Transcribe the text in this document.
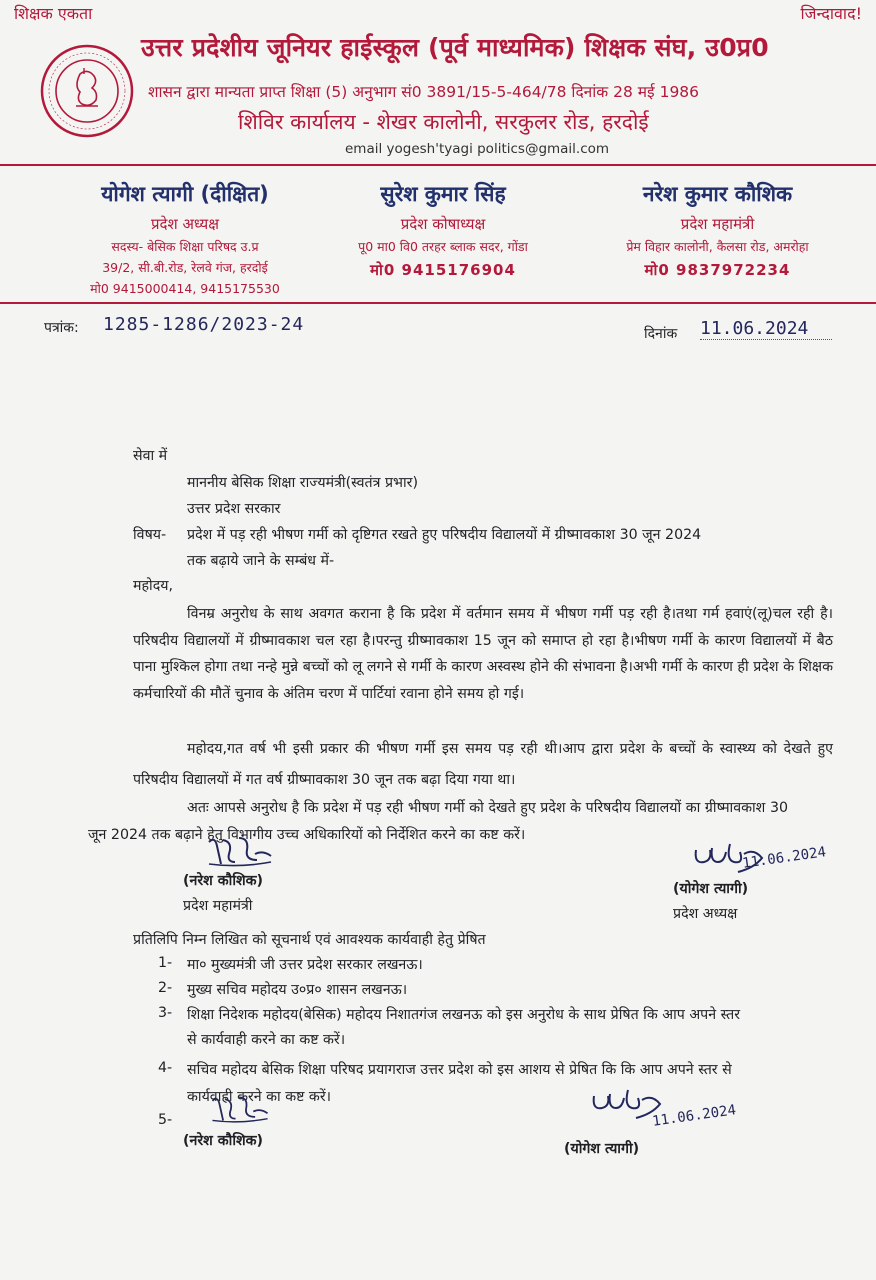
शिक्षक एकता	जिन्दावाद!
उत्तर प्रदेशीय जूनियर हाईस्कूल (पूर्व माध्यमिक) शिक्षक संघ, उ0प्र0
शासन द्वारा मान्यता प्राप्त शिक्षा (5) अनुभाग सं0 3891/15-5-464/78 दिनांक 28 मई 1986
शिविर कार्यालय - शेखर कालोनी, सरकुलर रोड, हरदोई
email yogesh'tyagi politics@gmail.com
योगेश त्यागी (दीक्षित)
प्रदेश अध्यक्ष
सदस्य- बेसिक शिक्षा परिषद उ.प्र
39/2, सी.बी.रोड, रेलवे गंज, हरदोई
मो0 9415000414, 9415175530
सुरेश कुमार सिंह
प्रदेश कोषाध्यक्ष
पू0 मा0 वि0 तरहर ब्लाक सदर, गोंडा
मो0 9415176904
नरेश कुमार कौशिक
प्रदेश महामंत्री
प्रेम विहार कालोनी, कैलसा रोड, अमरोहा
मो0 9837972234
पत्रांक: 1285-1286/2023-24	दिनांक 11.06.2024
सेवा में
माननीय बेसिक शिक्षा राज्यमंत्री(स्वतंत्र प्रभार)
उत्तर प्रदेश सरकार
विषय- प्रदेश में पड़ रही भीषण गर्मी को दृष्टिगत रखते हुए परिषदीय विद्यालयों में ग्रीष्मावकाश 30 जून 2024
तक बढ़ाये जाने के सम्बंध में-
महोदय,
विनम्र अनुरोध के साथ अवगत कराना है कि प्रदेश में वर्तमान समय में भीषण गर्मी पड़ रही है।तथा गर्म हवाएं(लू)चल रही है। परिषदीय विद्यालयों में ग्रीष्मावकाश चल रहा है।परन्तु ग्रीष्मावकाश 15 जून को समाप्त हो रहा है।भीषण गर्मी के कारण विद्यालयों में बैठ पाना मुश्किल होगा तथा नन्हे मुन्ने बच्चों को लू लगने से गर्मी के कारण अस्वस्थ होने की संभावना है।अभी गर्मी के कारण ही प्रदेश के शिक्षक कर्मचारियों की मौतें चुनाव के अंतिम चरण में पार्टियां रवाना होने समय हो गई।
महोदय,गत वर्ष भी इसी प्रकार की भीषण गर्मी इस समय पड़ रही थी।आप द्वारा प्रदेश के बच्चों के स्वास्थ्य को देखते हुए परिषदीय विद्यालयों में गत वर्ष ग्रीष्मावकाश 30 जून तक बढ़ा दिया गया था।
अतः आपसे अनुरोध है कि प्रदेश में पड़ रही भीषण गर्मी को देखते हुए प्रदेश के परिषदीय विद्यालयों का ग्रीष्मावकाश 30 जून 2024 तक बढ़ाने हेतु विभागीय उच्च अधिकारियों को निर्देशित करने का कष्ट करें।
(नरेश कौशिक)
प्रदेश महामंत्री
11.06.2024
(योगेश त्यागी)
प्रदेश अध्यक्ष
प्रतिलिपि निम्न लिखित को सूचनार्थ एवं आवश्यक कार्यवाही हेतु प्रेषित
1- मा० मुख्यमंत्री जी उत्तर प्रदेश सरकार लखनऊ।
2- मुख्य सचिव महोदय उ०प्र० शासन लखनऊ।
3- शिक्षा निदेशक महोदय(बेसिक) महोदय निशातगंज लखनऊ को इस अनुरोध के साथ प्रेषित कि आप अपने स्तर
से कार्यवाही करने का कष्ट करें।
4- सचिव महोदय बेसिक शिक्षा परिषद प्रयागराज उत्तर प्रदेश को इस आशय से प्रेषित कि कि आप अपने स्तर से
कार्यवाही करने का कष्ट करें।
5-
(नरेश कौशिक)
11.06.2024
(योगेश त्यागी)
